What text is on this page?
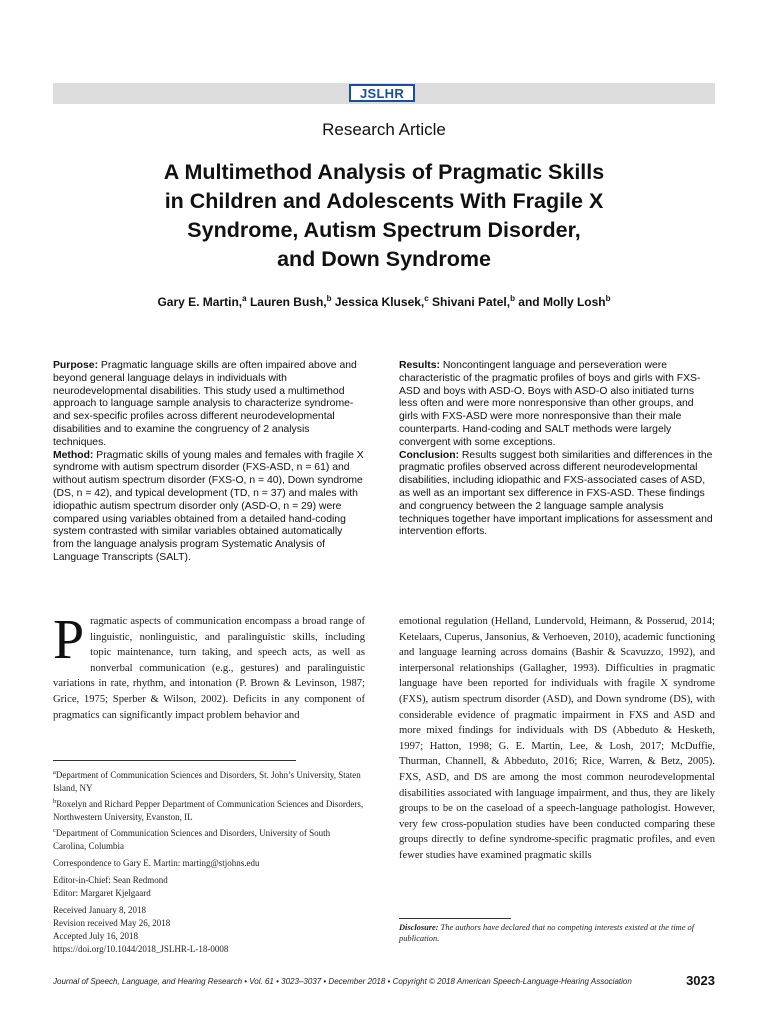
JSLHR
Research Article
A Multimethod Analysis of Pragmatic Skills
in Children and Adolescents With Fragile X
Syndrome, Autism Spectrum Disorder,
and Down Syndrome
Gary E. Martin,$^a$ Lauren Bush,$^b$ Jessica Klusek,$^c$ Shivani Patel,$^b$ and Molly Losh$^b$

Purpose: Pragmatic language skills are often impaired above and beyond general language delays in individuals with neurodevelopmental disabilities. This study used a multimethod approach to language sample analysis to characterize syndrome- and sex-specific profiles across different neurodevelopmental disabilities and to examine the congruency of 2 analysis techniques.

Method: Pragmatic skills of young males and females with fragile X syndrome with autism spectrum disorder (FXS-ASD, n = 61) and without autism spectrum disorder (FXS-O, n = 40), Down syndrome (DS, n = 42), and typical development (TD, n = 37) and males with idiopathic autism spectrum disorder only (ASD-O, n = 29) were compared using variables obtained from a detailed hand-coding system contrasted with similar variables obtained automatically from the language analysis program Systematic Analysis of Language Transcripts (SALT).

Results: Noncontingent language and perseveration were characteristic of the pragmatic profiles of boys and girls with FXS-ASD and boys with ASD-O. Boys with ASD-O also initiated turns less often and were more nonresponsive than other groups, and girls with FXS-ASD were more nonresponsive than their male counterparts. Hand-coding and SALT methods were largely convergent with some exceptions.

Conclusion: Results suggest both similarities and differences in the pragmatic profiles observed across different neurodevelopmental disabilities, including idiopathic and FXS-associated cases of ASD, as well as an important sex difference in FXS-ASD. These findings and congruency between the 2 language sample analysis techniques together have important implications for assessment and intervention efforts.

Pragmatic aspects of communication encompass a broad range of linguistic, nonlinguistic, and paralinguistic skills, including topic maintenance, turn taking, and speech acts, as well as nonverbal communication (e.g., gestures) and paralinguistic variations in rate, rhythm, and intonation (P. Brown & Levinson, 1987; Grice, 1975; Sperber & Wilson, 2002). Deficits in any component of pragmatics can significantly impact problem behavior and

$^a$Department of Communication Sciences and Disorders, St. John’s University, Staten Island, NY

$^b$Roxelyn and Richard Pepper Department of Communication Sciences and Disorders, Northwestern University, Evanston, IL

$^c$Department of Communication Sciences and Disorders, University of South Carolina, Columbia

Correspondence to Gary E. Martin: marting@stjohns.edu

Editor-in-Chief: Sean Redmond

Editor: Margaret Kjelgaard

Received January 8, 2018

Revision received May 26, 2018

Accepted July 16, 2018

https://doi.org/10.1044/2018_JSLHR-L-18-0008

emotional regulation (Helland, Lundervold, Heimann, & Posserud, 2014; Ketelaars, Cuperus, Jansonius, & Verhoeven, 2010), academic functioning and language learning across domains (Bashir & Scavuzzo, 1992), and interpersonal relationships (Gallagher, 1993). Difficulties in pragmatic language have been reported for individuals with fragile X syndrome (FXS), autism spectrum disorder (ASD), and Down syndrome (DS), with considerable evidence of pragmatic impairment in FXS and ASD and more mixed findings for individuals with DS (Abbeduto & Hesketh, 1997; Hatton, 1998; G. E. Martin, Lee, & Losh, 2017; McDuffie, Thurman, Channell, & Abbeduto, 2016; Rice, Warren, & Betz, 2005). FXS, ASD, and DS are among the most common neurodevelopmental disabilities associated with language impairment, and thus, they are likely groups to be on the caseload of a speech-language pathologist. However, very few cross-population studies have been conducted comparing these groups directly to define syndrome-specific pragmatic profiles, and even fewer studies have examined pragmatic skills
Disclosure: The authors have declared that no competing interests existed at the time of publication.
Journal of Speech, Language, and Hearing Research • Vol. 61 • 3023–3037 • December 2018 • Copyright © 2018 American Speech-Language-Hearing Association	3023
